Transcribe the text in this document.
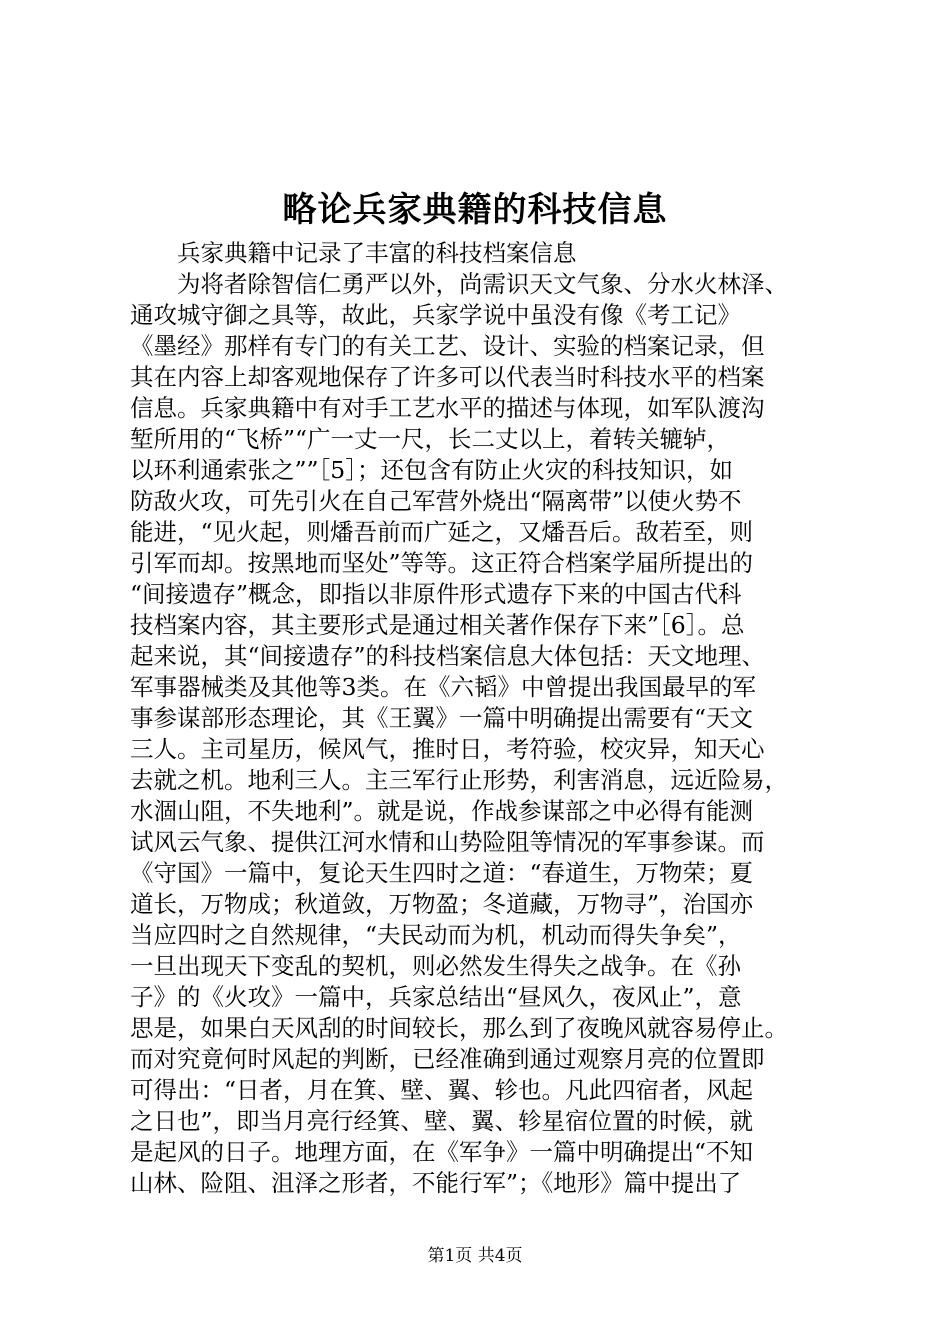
略论兵家典籍的科技信息
　　兵家典籍中记录了丰富的科技档案信息
　　为将者除智信仁勇严以外，尚需识天文气象、分水火林泽、
通攻城守御之具等，故此，兵家学说中虽没有像《考工记》
《墨经》那样有专门的有关工艺、设计、实验的档案记录，但
其在内容上却客观地保存了许多可以代表当时科技水平的档案
信息。兵家典籍中有对手工艺水平的描述与体现，如军队渡沟
堑所用的“飞桥”“广一丈一尺，长二丈以上，着转关辘轳，
以环利通索张之””［5］；还包含有防止火灾的科技知识，如
防敌火攻，可先引火在自己军营外烧出“隔离带”以使火势不
能进，“见火起，则燔吾前而广延之，又燔吾后。敌若至，则
引军而却。按黑地而坚处”等等。这正符合档案学届所提出的
“间接遗存”概念，即指以非原件形式遗存下来的中国古代科
技档案内容，其主要形式是通过相关著作保存下来”［6］。总
起来说，其“间接遗存”的科技档案信息大体包括：天文地理、
军事器械类及其他等3类。在《六韬》中曾提出我国最早的军
事参谋部形态理论，其《王翼》一篇中明确提出需要有“天文
三人。主司星历，候风气，推时日，考符验，校灾异，知天心
去就之机。地利三人。主三军行止形势，利害消息，远近险易，
水涸山阻，不失地利”。就是说，作战参谋部之中必得有能测
试风云气象、提供江河水情和山势险阻等情况的军事参谋。而
《守国》一篇中，复论天生四时之道：“春道生，万物荣；夏
道长，万物成；秋道敛，万物盈；冬道藏，万物寻”，治国亦
当应四时之自然规律，“夫民动而为机，机动而得失争矣”，
一旦出现天下变乱的契机，则必然发生得失之战争。在《孙
子》的《火攻》一篇中，兵家总结出“昼风久，夜风止”，意
思是，如果白天风刮的时间较长，那么到了夜晚风就容易停止。
而对究竟何时风起的判断，已经准确到通过观察月亮的位置即
可得出：“日者，月在箕、壁、翼、轸也。凡此四宿者，风起
之日也”，即当月亮行经箕、壁、翼、轸星宿位置的时候，就
是起风的日子。地理方面，在《军争》一篇中明确提出“不知
山林、险阻、沮泽之形者，不能行军”；《地形》篇中提出了
第1页 共4页
